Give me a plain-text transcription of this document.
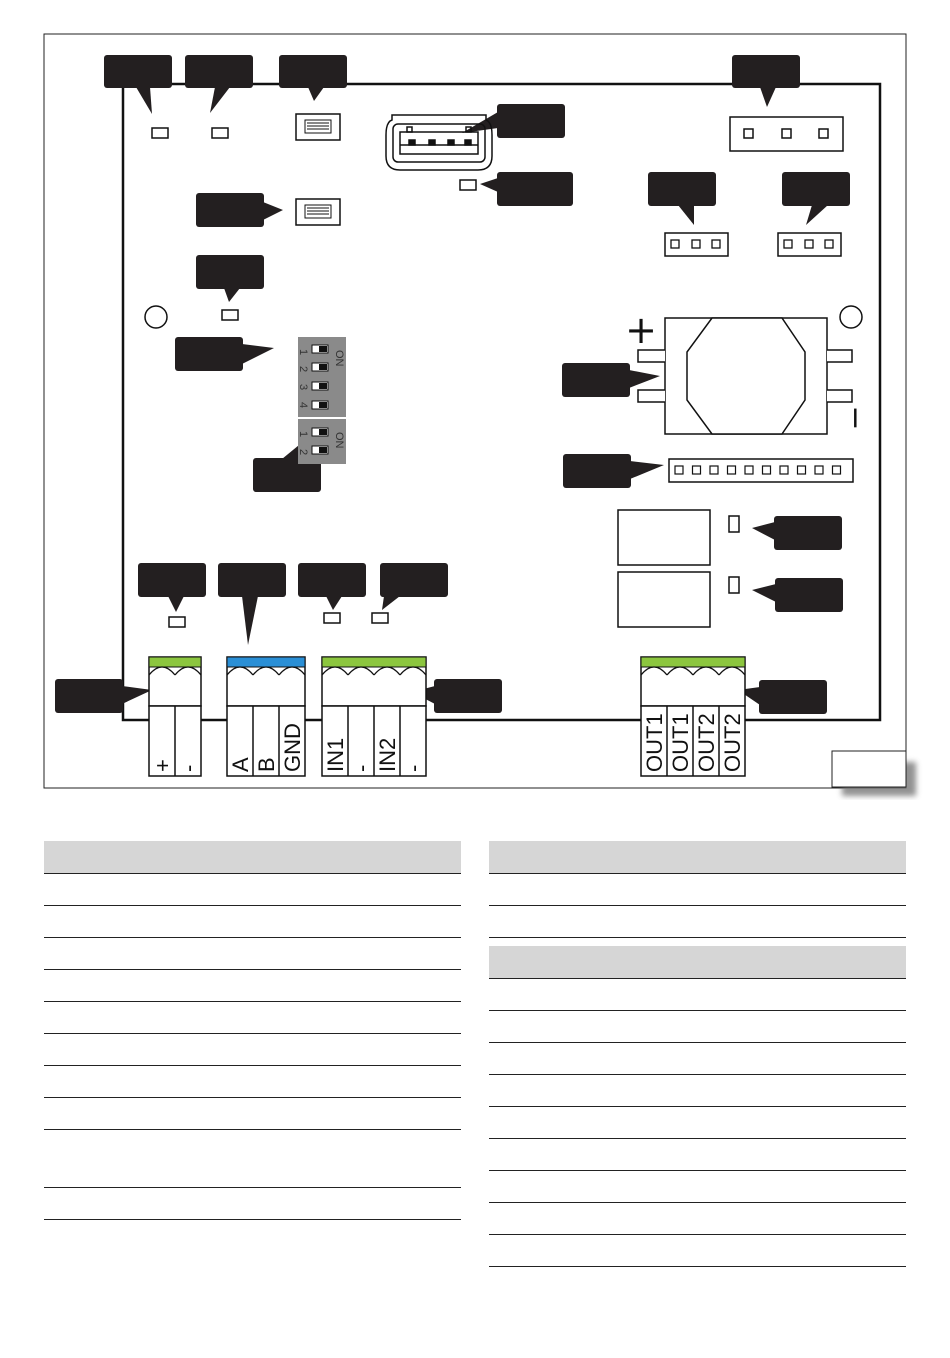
+
−
ON
1
2
3
4
ON
1
2
+ - A B GND IN1 - IN2 -	OUT1 OUT1 OUT2 OUT2
